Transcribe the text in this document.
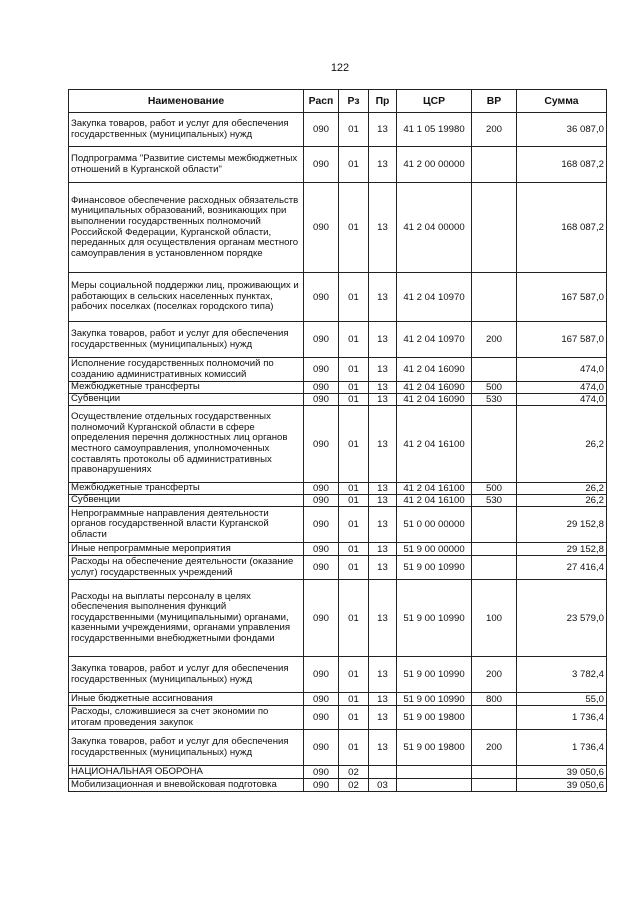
122
Наименование	Расп	Рз	Пр	ЦСР	ВР	Сумма
Закупка товаров, работ и услуг для обеспечения государственных (муниципальных) нужд	090	01	13	41 1 05 19980	200	36 087,0
Подпрограмма "Развитие системы межбюджетных отношений в Курганской области"	090	01	13	41 2 00 00000		168 087,2
Финансовое обеспечение расходных обязательств муниципальных образований, возникающих при выполнении государственных полномочий Российской Федерации, Курганской области, переданных для осуществления органам местного самоуправления в установленном порядке	090	01	13	41 2 04 00000		168 087,2
Меры социальной поддержки лиц, проживающих и работающих в сельских населенных пунктах, рабочих поселках (поселках городского типа)	090	01	13	41 2 04 10970		167 587,0
Закупка товаров, работ и услуг для обеспечения государственных (муниципальных) нужд	090	01	13	41 2 04 10970	200	167 587,0
Исполнение государственных полномочий по созданию административных комиссий	090	01	13	41 2 04 16090		474,0
Межбюджетные трансферты	090	01	13	41 2 04 16090	500	474,0
Субвенции	090	01	13	41 2 04 16090	530	474,0
Осуществление отдельных государственных полномочий Курганской области в сфере определения перечня должностных лиц органов местного самоуправления, уполномоченных составлять протоколы об административных правонарушениях	090	01	13	41 2 04 16100		26,2
Межбюджетные трансферты	090	01	13	41 2 04 16100	500	26,2
Субвенции	090	01	13	41 2 04 16100	530	26,2
Непрограммные направления деятельности органов государственной власти Курганской области	090	01	13	51 0 00 00000		29 152,8
Иные непрограммные мероприятия	090	01	13	51 9 00 00000		29 152,8
Расходы на обеспечение деятельности (оказание услуг) государственных учреждений	090	01	13	51 9 00 10990		27 416,4
Расходы на выплаты персоналу в целях обеспечения выполнения функций государственными (муниципальными) органами, казенными учреждениями, органами управления государственными внебюджетными фондами	090	01	13	51 9 00 10990	100	23 579,0
Закупка товаров, работ и услуг для обеспечения государственных (муниципальных) нужд	090	01	13	51 9 00 10990	200	3 782,4
Иные бюджетные ассигнования	090	01	13	51 9 00 10990	800	55,0
Расходы, сложившиеся за счет экономии по итогам проведения закупок	090	01	13	51 9 00 19800		1 736,4
Закупка товаров, работ и услуг для обеспечения государственных (муниципальных) нужд	090	01	13	51 9 00 19800	200	1 736,4
НАЦИОНАЛЬНАЯ ОБОРОНА	090	02				39 050,6
Мобилизационная и вневойсковая подготовка	090	02	03			39 050,6
